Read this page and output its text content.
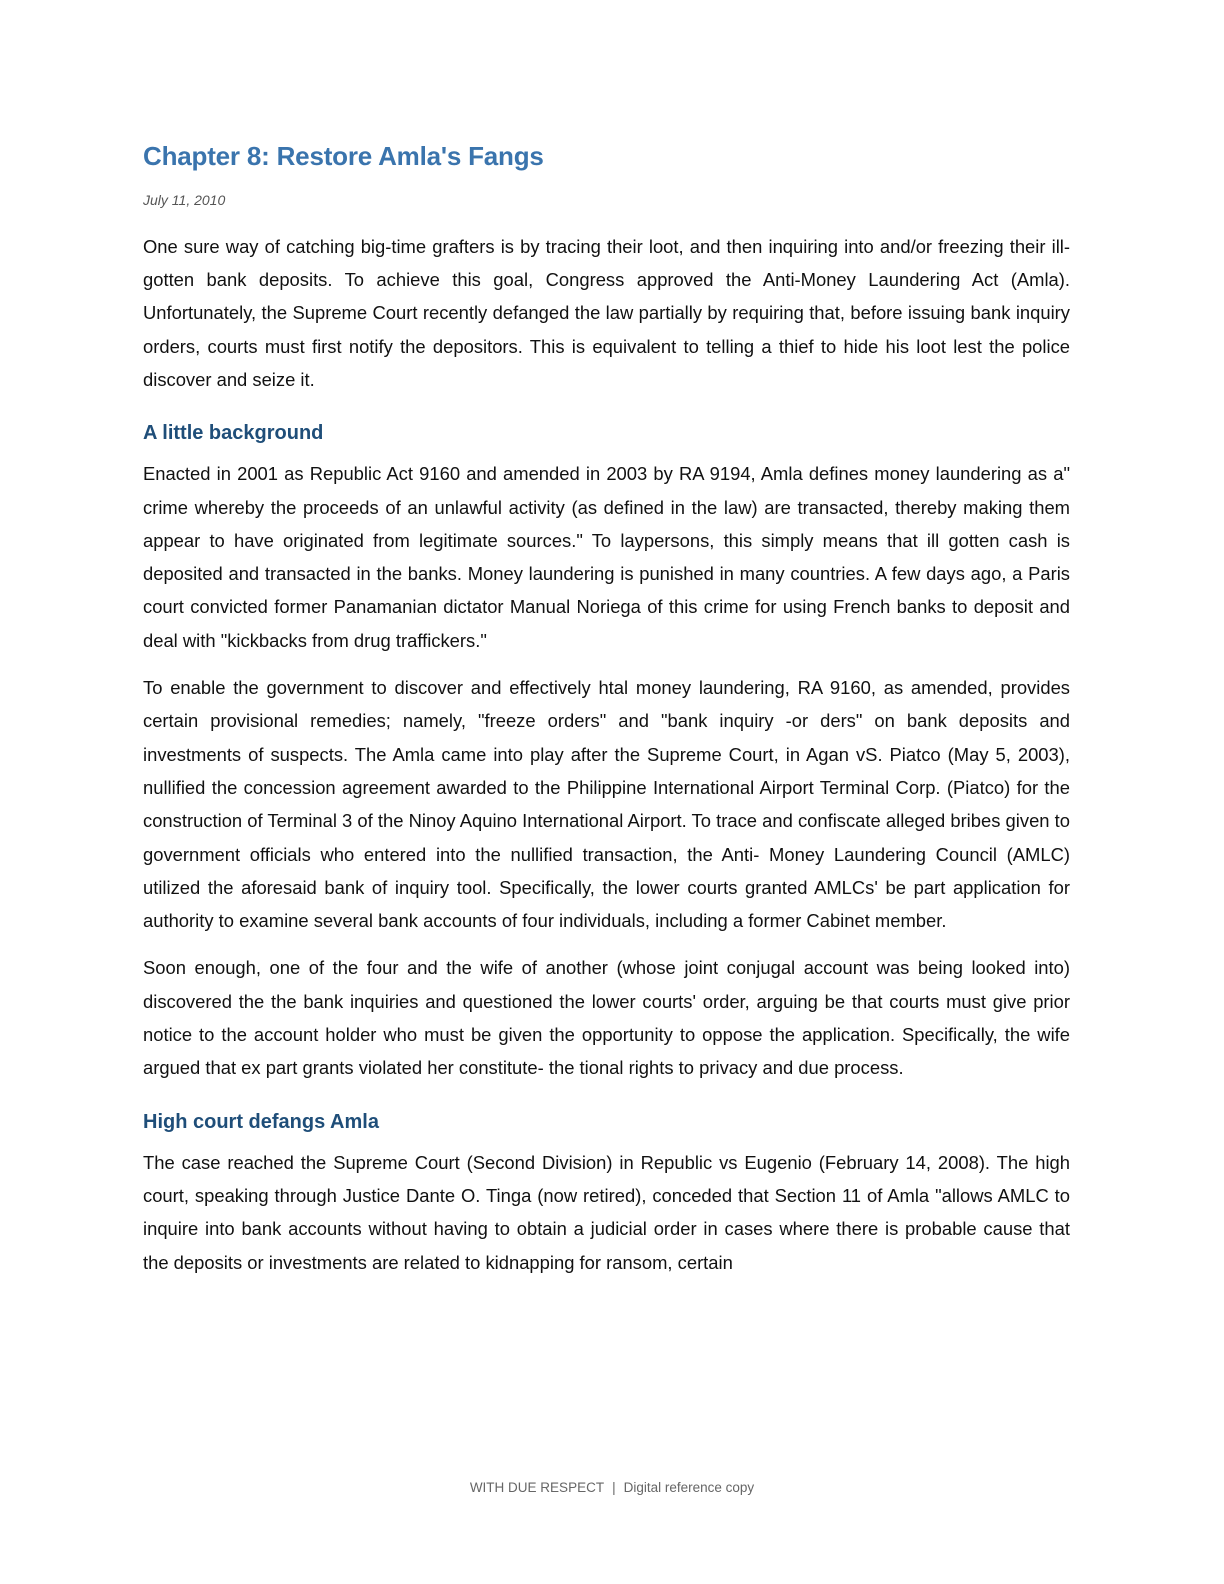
Chapter 8: Restore Amla's Fangs
July 11, 2010

One sure way of catching big-time grafters is by tracing their loot, and then inquiring into and/or freezing their ill-gotten bank deposits. To achieve this goal, Congress approved the Anti-Money Laundering Act (Amla). Unfortunately, the Supreme Court recently defanged the law partially by requiring that, before issuing bank inquiry orders, courts must first notify the depositors. This is equivalent to telling a thief to hide his loot lest the police discover and seize it.

A little background

Enacted in 2001 as Republic Act 9160 and amended in 2003 by RA 9194, Amla defines money laundering as a" crime whereby the proceeds of an unlawful activity (as defined in the law) are transacted, thereby making them appear to have originated from legitimate sources." To laypersons, this simply means that ill gotten cash is deposited and transacted in the banks. Money laundering is punished in many countries. A few days ago, a Paris court convicted former Panamanian dictator Manual Noriega of this crime for using French banks to deposit and deal with "kickbacks from drug traffickers."

To enable the government to discover and effectively htal money laundering, RA 9160, as amended, provides certain provisional remedies; namely, "freeze orders" and "bank inquiry -or ders" on bank deposits and investments of suspects. The Amla came into play after the Supreme Court, in Agan vS. Piatco (May 5, 2003), nullified the concession agreement awarded to the Philippine International Airport Terminal Corp. (Piatco) for the construction of Terminal 3 of the Ninoy Aquino International Airport. To trace and confiscate alleged bribes given to government officials who entered into the nullified transaction, the Anti- Money Laundering Council (AMLC) utilized the aforesaid bank of inquiry tool. Specifically, the lower courts granted AMLCs' be part application for authority to examine several bank accounts of four individuals, including a former Cabinet member.

Soon enough, one of the four and the wife of another (whose joint conjugal account was being looked into) discovered the the bank inquiries and questioned the lower courts' order, arguing be that courts must give prior notice to the account holder who must be given the opportunity to oppose the application. Specifically, the wife argued that ex part grants violated her constitute- the tional rights to privacy and due process.

High court defangs Amla

The case reached the Supreme Court (Second Division) in Republic vs Eugenio (February 14, 2008). The high court, speaking through Justice Dante O. Tinga (now retired), conceded that Section 11 of Amla "allows AMLC to inquire into bank accounts without having to obtain a judicial order in cases where there is probable cause that the deposits or investments are related to kidnapping for ransom, certain

WITH DUE RESPECT | Digital reference copy
